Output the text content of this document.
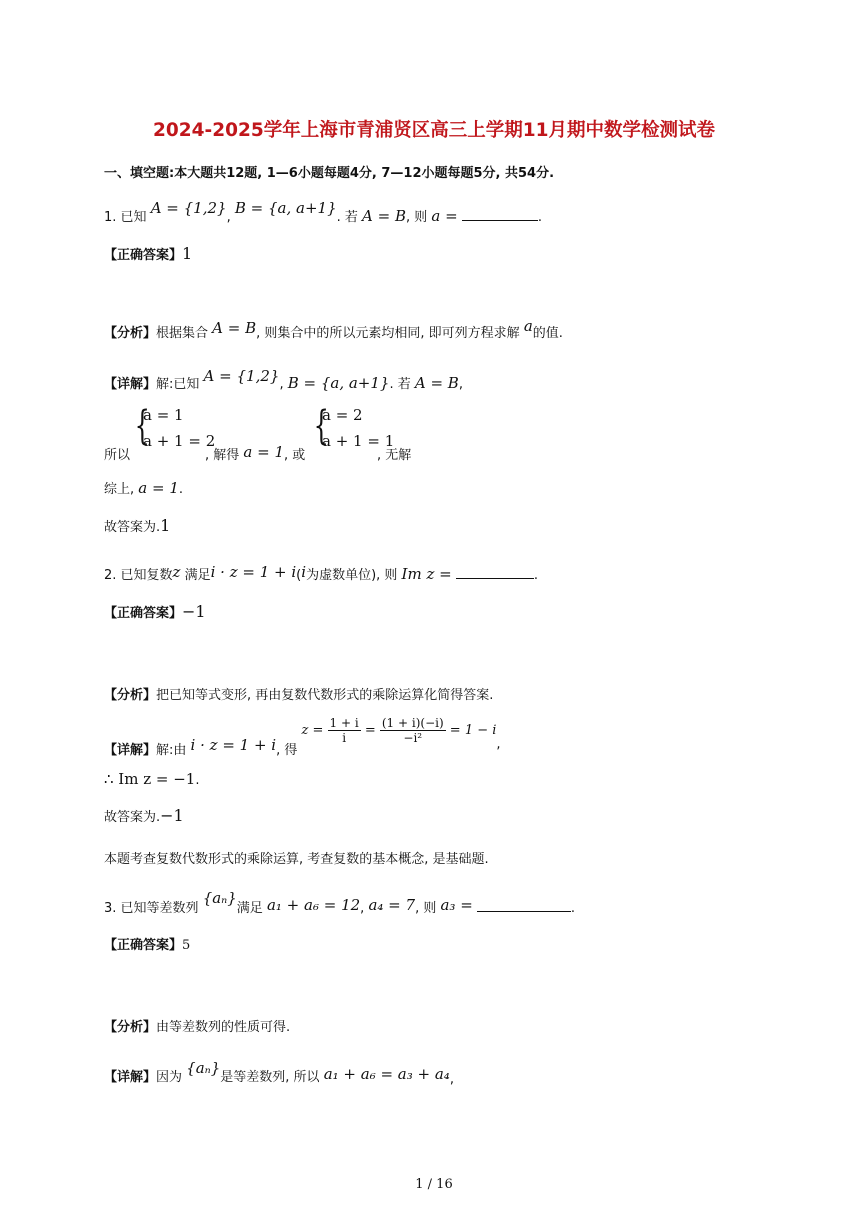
2024-2025学年上海市青浦贤区高三上学期11月期中数学检测试卷
一、填空题:本大题共12题, 1—6小题每题4分, 7—12小题每题5分, 共54分.
1. 已知 A = {1,2}, B = {a, a+1}. 若 A = B, 则 a =	.
【正确答案】1
【分析】根据集合 A = B, 则集合中的所以元素均相同, 即可列方程求解 a的值.
【详解】解:已知 A = {1,2}, B = {a, a+1}. 若 A = B,
所以
{
a = 1
a + 1 = 2
, 解得 a = 1, 或
{
a = 2
a + 1 = 1
, 无解
综上, a = 1.
故答案为.1
2. 已知复数z 满足i · z = 1 + i(i为虚数单位), 则 Im z =	.
【正确答案】−1
【分析】把已知等式变形, 再由复数代数形式的乘除运算化简得答案.
【详解】解:由 i · z = 1 + i, 得 $z = \frac{1 + i}{i} = \frac{(1 + i)(-i)}{\text{−i²}} = 1 - i$,
∴ Im z = −1.
故答案为.−1
本题考查复数代数形式的乘除运算, 考查复数的基本概念, 是基础题.
3. 已知等差数列 {aₙ}满足 a₁ + a₆ = 12, a₄ = 7, 则 a₃ =	.
【正确答案】5
【分析】由等差数列的性质可得.
【详解】因为 {aₙ}是等差数列, 所以 a₁ + a₆ = a₃ + a₄,
1 / 16
